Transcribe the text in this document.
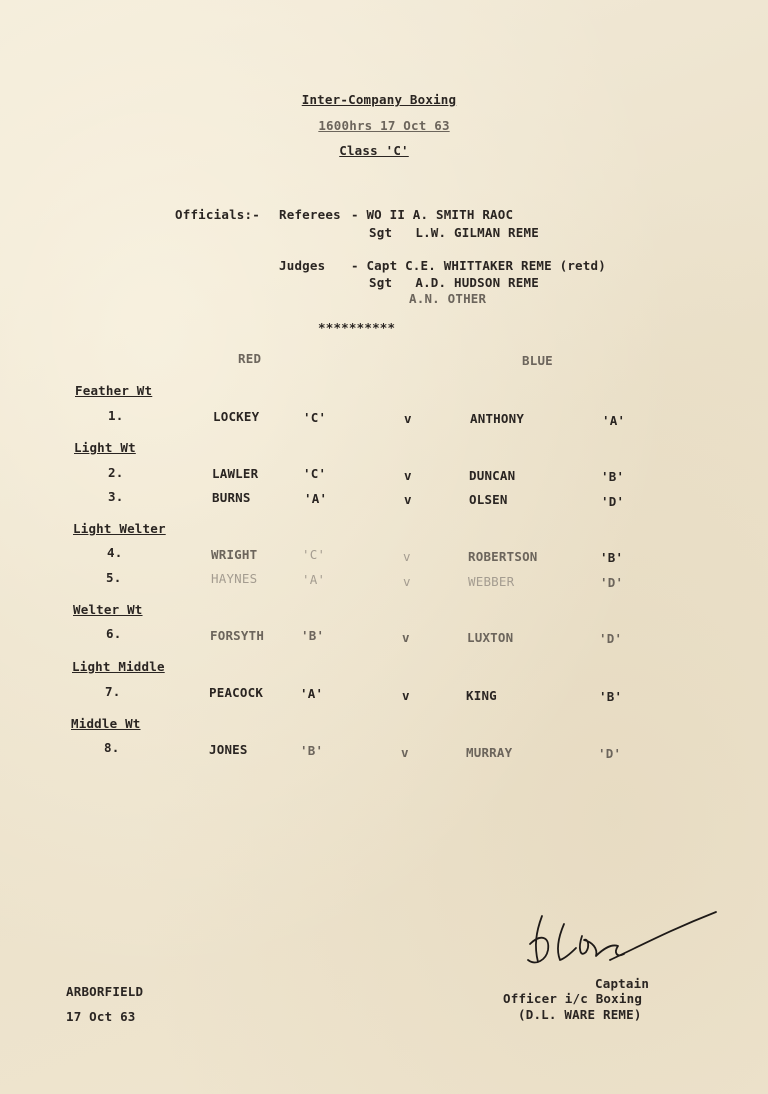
Inter-Company Boxing
1600hrs 17 Oct 63
Class 'C'
Officials:- Referees - WO II A. SMITH RAOC
Sgt   L.W. GILMAN REME
Judges - Capt C.E. WHITTAKER REME (retd)
Sgt   A.D. HUDSON REME
A.N. OTHER
**********
RED	BLUE
Feather Wt
1.	LOCKEY	'C'	v	ANTHONY	'A'
Light Wt
2.	LAWLER	'C'	v	DUNCAN	'B'
3.	BURNS	'A'	v	OLSEN	'D'
Light Welter
4.	WRIGHT	'C'	v	ROBERTSON	'B'
5.	HAYNES	'A'	v	WEBBER	'D'
Welter Wt
6.	FORSYTH	'B'	v	LUXTON	'D'
Light Middle
7.	PEACOCK	'A'	v	KING	'B'
Middle Wt
8.	JONES	'B'	v	MURRAY	'D'
Captain
Officer i/c Boxing
(D.L. WARE REME)
ARBORFIELD
17 Oct 63
